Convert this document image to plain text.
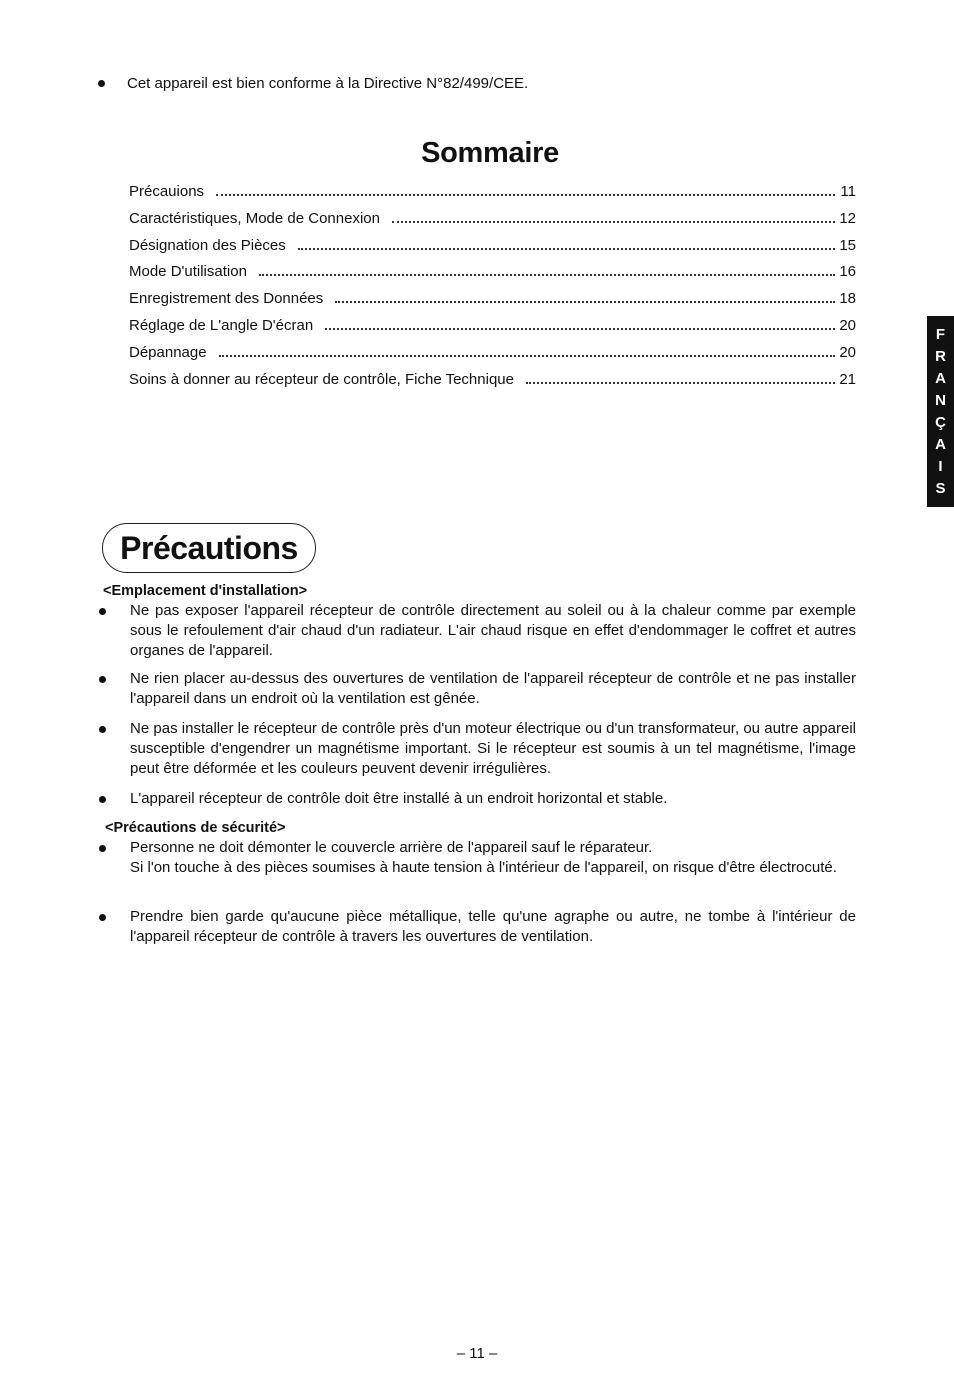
Cet appareil est bien conforme à la Directive N°82/499/CEE.
Sommaire
Précauions	11
Caractéristiques, Mode de Connexion	12
Désignation des Pièces	15
Mode D'utilisation	16
Enregistrement des Données	18
Réglage de L'angle D'écran	20
Dépannage	20
Soins à donner au récepteur de contrôle, Fiche Technique	21
F
R
A
N
Ç
A
I
S
Précautions
<Emplacement d'installation>
Ne pas exposer l'appareil récepteur de contrôle directement au soleil ou à la chaleur comme par exemple sous le refoulement d'air chaud d'un radiateur. L'air chaud risque en effet d'endommager le coffret et autres organes de l'appareil.
Ne rien placer au-dessus des ouvertures de ventilation de l'appareil récepteur de contrôle et ne pas installer l'appareil dans un endroit où la ventilation est gênée.
Ne pas installer le récepteur de contrôle près d'un moteur électrique ou d'un transformateur, ou autre appareil susceptible d'engendrer un magnétisme important. Si le récepteur est soumis à un tel magnétisme, l'image peut être déformée et les couleurs peuvent devenir irrégulières.
L'appareil récepteur de contrôle doit être installé à un endroit horizontal et stable.
<Précautions de sécurité>
Personne ne doit démonter le couvercle arrière de l'appareil sauf le réparateur.
Si l'on touche à des pièces soumises à haute tension à l'intérieur de l'appareil, on risque d'être électrocuté.
Prendre bien garde qu'aucune pièce métallique, telle qu'une agraphe ou autre, ne tombe à l'intérieur de l'appareil récepteur de contrôle à travers les ouvertures de ventilation.
– 11 –
